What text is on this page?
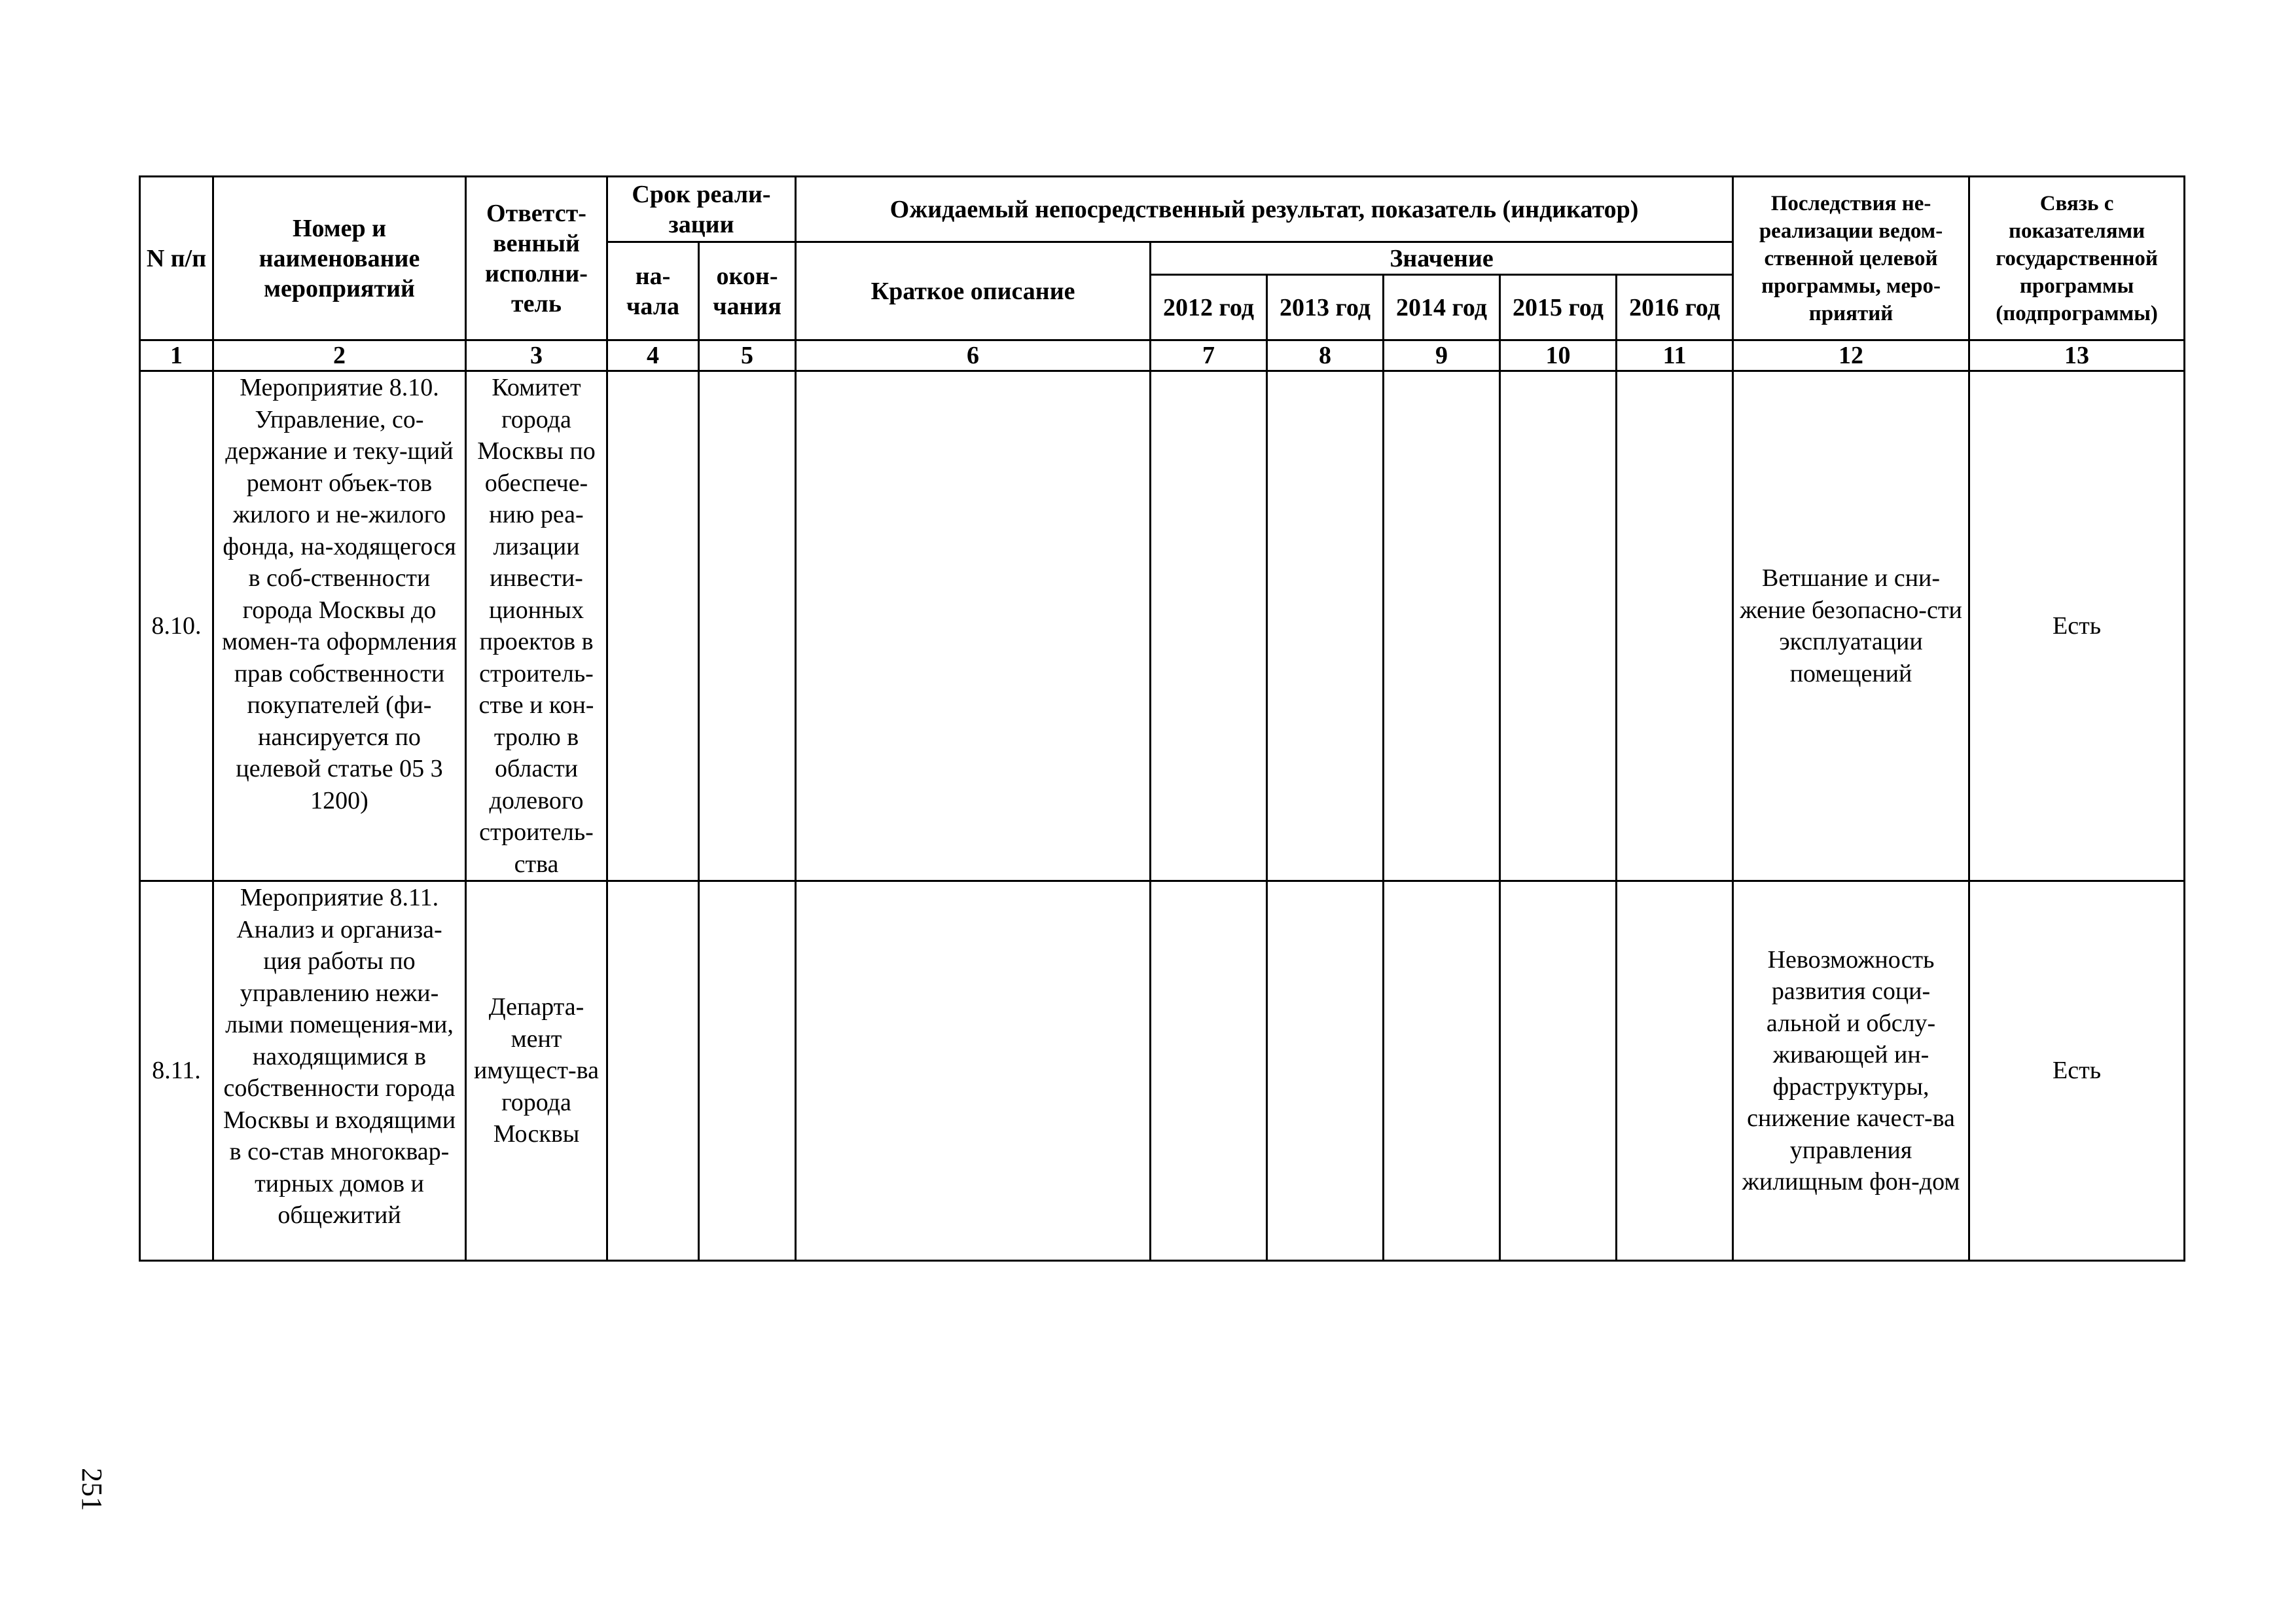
N п/п	Номер и наименование мероприятий	Ответст-венный исполни-тель	Срок реали-зации		Ожидаемый непосредственный результат, показатель (индикатор)						Последствия не-реализации ведом-ственной целевой программы, меро-приятий	Связь с показателями государственной программы (подпрограммы)
			на-чала	окон-чания	Краткое описание	Значение						
						2012 год	2013 год	2014 год	2015 год	2016 год		
1	2	3	4	5	6	7	8	9	10	11	12	13
8.10.	Мероприятие 8.10. Управление, со-держание и теку-щий ремонт объек-тов жилого и не-жилого фонда, на-ходящегося в соб-ственности города Москвы до момен-та оформления прав собственности покупателей (фи-нансируется по целевой статье 05 3 1200)	Комитет города Москвы по обеспече-нию реа-лизации инвести-ционных проектов в строитель-стве и кон-тролю в области долевого строитель-ства									Ветшание и сни-жение безопасно-сти эксплуатации помещений	Есть
8.11.	Мероприятие 8.11. Анализ и организа-ция работы по управлению нежи-лыми помещения-ми, находящимися в собственности города Москвы и входящими в со-став многоквар-тирных домов и общежитий	Департа-мент имущест-ва города Москвы									Невозможность развития соци-альной и обслу-живающей ин-фраструктуры, снижение качест-ва управления жилищным фон-дом	Есть
251
